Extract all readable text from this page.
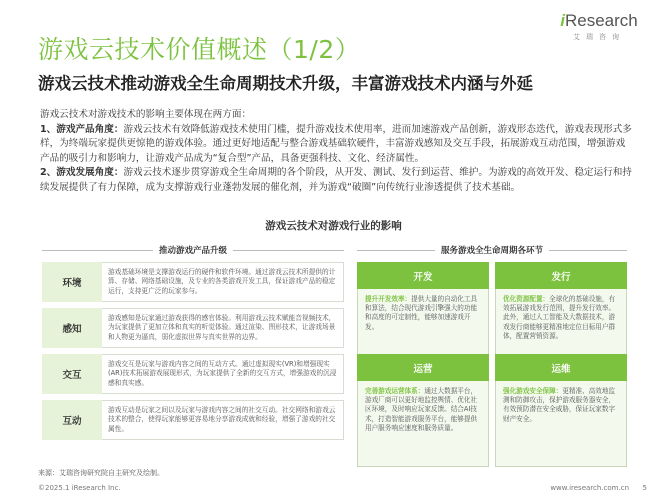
游戏云技术价值概述（1/2）
iResearch
艾瑞咨询
游戏云技术推动游戏全生命周期技术升级，丰富游戏技术内涵与外延

游戏云技术对游戏技术的影响主要体现在两方面：

1、游戏产品角度：游戏云技术有效降低游戏技术使用门槛，提升游戏技术使用率，进而加速游戏产品创新，游戏形态迭代，游戏表现形式多样，为终端玩家提供更惊艳的游戏体验。通过更好地适配与整合游戏基础软硬件，丰富游戏感知及交互手段，拓展游戏互动范围，增强游戏产品的吸引力和影响力，让游戏产品成为“复合型”产品，具备更强科技、文化、经济属性。

2、游戏发展角度：游戏云技术逐步贯穿游戏全生命周期的各个阶段，从开发、测试、发行到运营、维护。为游戏的高效开发、稳定运行和持续发展提供了有力保障，成为支撑游戏行业蓬勃发展的催化剂，并为游戏“破圈”向传统行业渗透提供了技术基础。

游戏云技术对游戏行业的影响
推动游戏产品升级	服务游戏全生命周期各环节
环境
游戏基础环境是支撑游戏运行的硬件和软件环境。通过游戏云技术所提供的计算、存储、网络基础设施，及专业的各类游戏开发工具，保证游戏产品的稳定运行，支持更广泛的玩家参与。
感知
游戏感知是玩家通过游戏获得的感官体验。利用游戏云技术赋能音视频技术，为玩家提供了更加立体和真实的听觉体验。通过渲染、图形技术，让游戏场景和人物更为逼真，弱化虚拟世界与真实世界的边界。
交互
游戏交互是玩家与游戏内容之间的互动方式。通过虚拟现实(VR)和增强现实(AR)技术拓展游戏展现形式，为玩家提供了全新的交互方式，增强游戏的沉浸感和真实感。
互动
游戏互动是玩家之间以及玩家与游戏内容之间的社交互动。社交网络和游戏云技术的整合，使得玩家能够更容易地分享游戏成就和经验，增强了游戏的社交属性。
开发
提升开发效率：提供大量的自动化工具和算法，结合现代游戏引擎强大的功能和高度的可定制性，能够加速游戏开发。
发行
优化资源配置：全球化的基础设施，有效拓展游戏发行范围，提升发行效率。此外，通过人工智能及大数据技术，游戏发行商能够更精准地定位目标用户群体，配置营销资源。
运营
完善游戏运营体系：通过大数据平台，游戏厂商可以更好地监控舆情、优化社区环境，及时响应玩家反馈。结合AI技术，打造智能游戏服务平台，能够提供用户服务响应速度和服务质量。
运维
强化游戏安全保障：更精准、高效地监测和防御攻击，保护游戏服务器安全，有效预防潜在安全威胁，保证玩家数字财产安全。
来源：艾瑞咨询研究院自主研究及绘制。
©2025.1 iResearch Inc.	www.iresearch.com.cn 5
